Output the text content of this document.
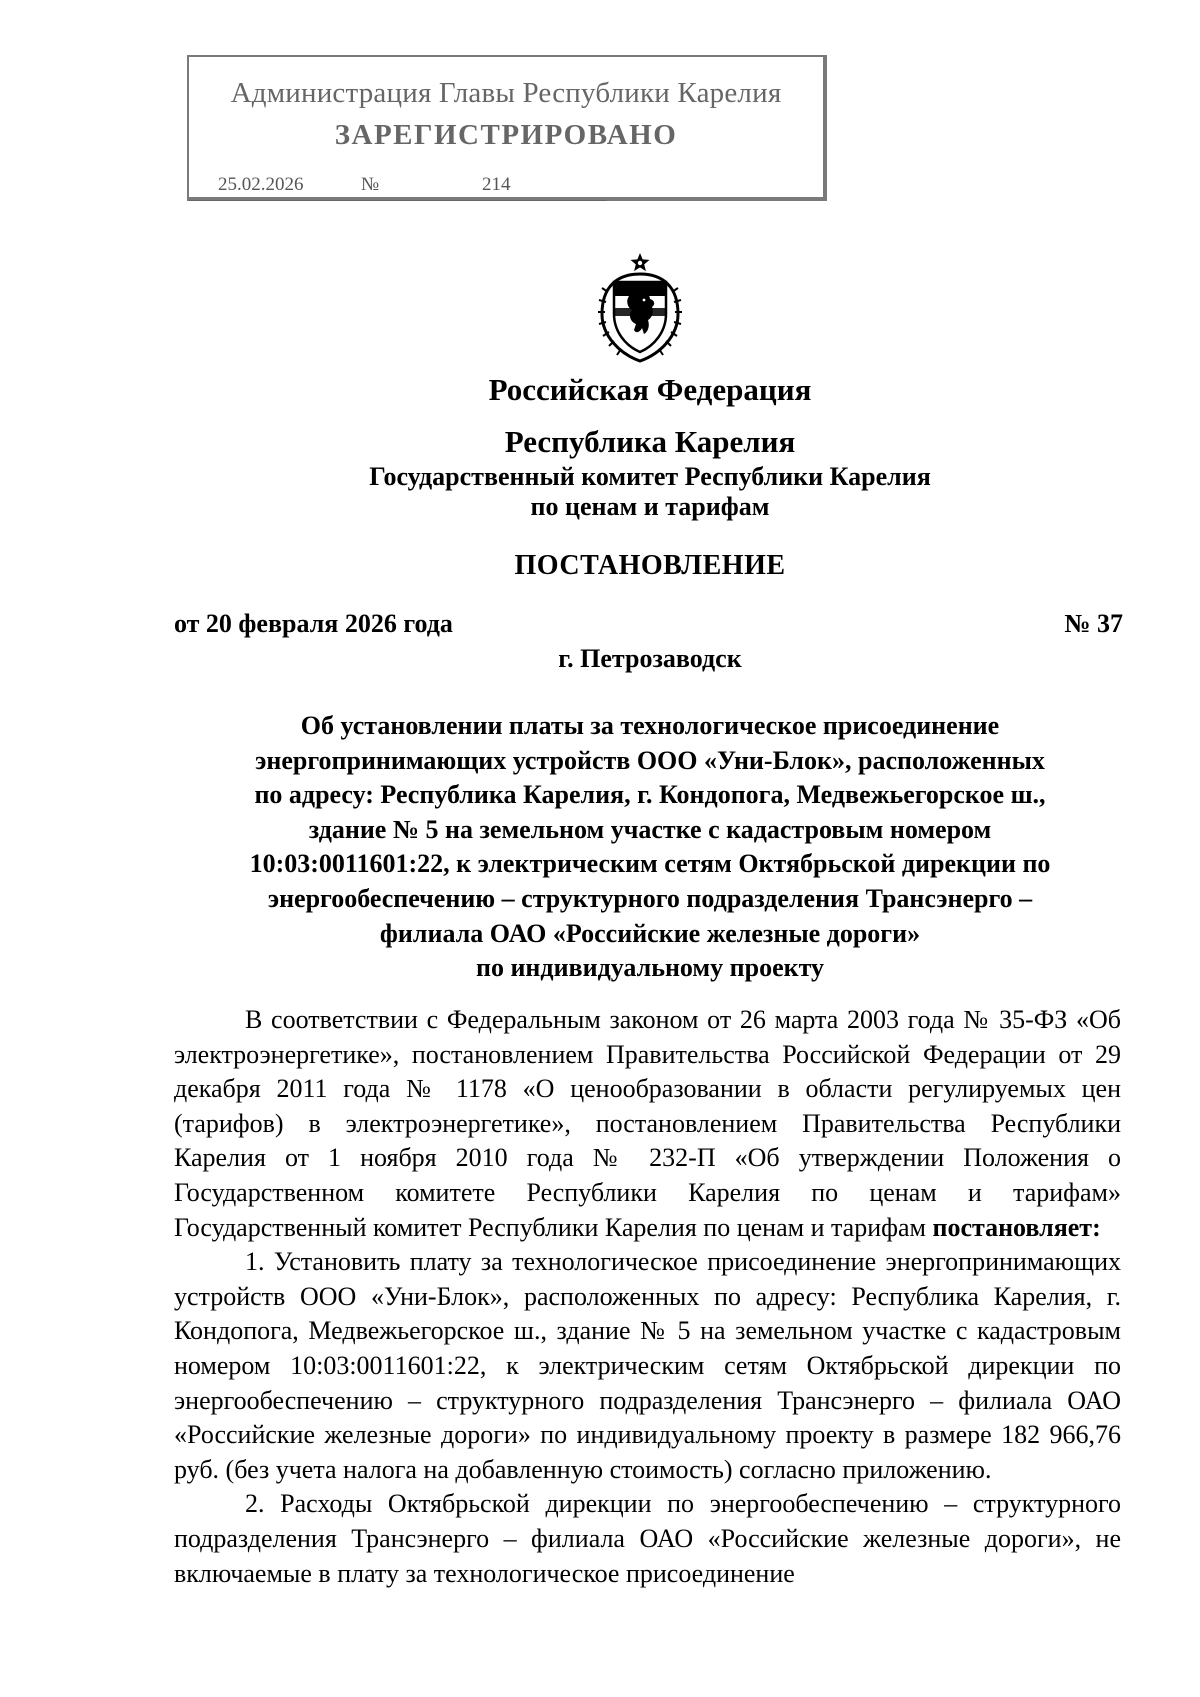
Администрация Главы Республики Карелия
ЗАРЕГИСТРИРОВАНО
25.02.2026	№	214
Российская Федерация
Республика Карелия
Государственный комитет Республики Карелия
по ценам и тарифам
ПОСТАНОВЛЕНИЕ
от 20 февраля 2026 года	№ 37
г. Петрозаводск
Об установлении платы за технологическое присоединение
энергопринимающих устройств ООО «Уни-Блок», расположенных
по адресу: Республика Карелия, г. Кондопога, Медвежьегорское ш.,
здание № 5 на земельном участке с кадастровым номером
10:03:0011601:22, к электрическим сетям Октябрьской дирекции по
энергообеспечению – структурного подразделения Трансэнерго –
филиала ОАО «Российские железные дороги»
по индивидуальному проекту

В соответствии с Федеральным законом от 26 марта 2003 года № 35-ФЗ «Об электроэнергетике», постановлением Правительства Российской Федерации от 29 декабря 2011 года № 1178 «О ценообразовании в области регулируемых цен (тарифов) в электроэнергетике», постановлением Правительства Республики Карелия от 1 ноября 2010 года № 232-П «Об утверждении Положения о Государственном комитете Республики Карелия по ценам и тарифам» Государственный комитет Республики Карелия по ценам и тарифам постановляет:

1. Установить плату за технологическое присоединение энергопринимающих устройств ООО «Уни-Блок», расположенных по адресу: Республика Карелия, г. Кондопога, Медвежьегорское ш., здание № 5 на земельном участке с кадастровым номером 10:03:0011601:22, к электрическим сетям Октябрьской дирекции по энергообеспечению – структурного подразделения Трансэнерго – филиала ОАО «Российские железные дороги» по индивидуальному проекту в размере 182 966,76 руб. (без учета налога на добавленную стоимость) согласно приложению.

2. Расходы Октябрьской дирекции по энергообеспечению – структурного подразделения Трансэнерго – филиала ОАО «Российские железные дороги», не включаемые в плату за технологическое присоединение
